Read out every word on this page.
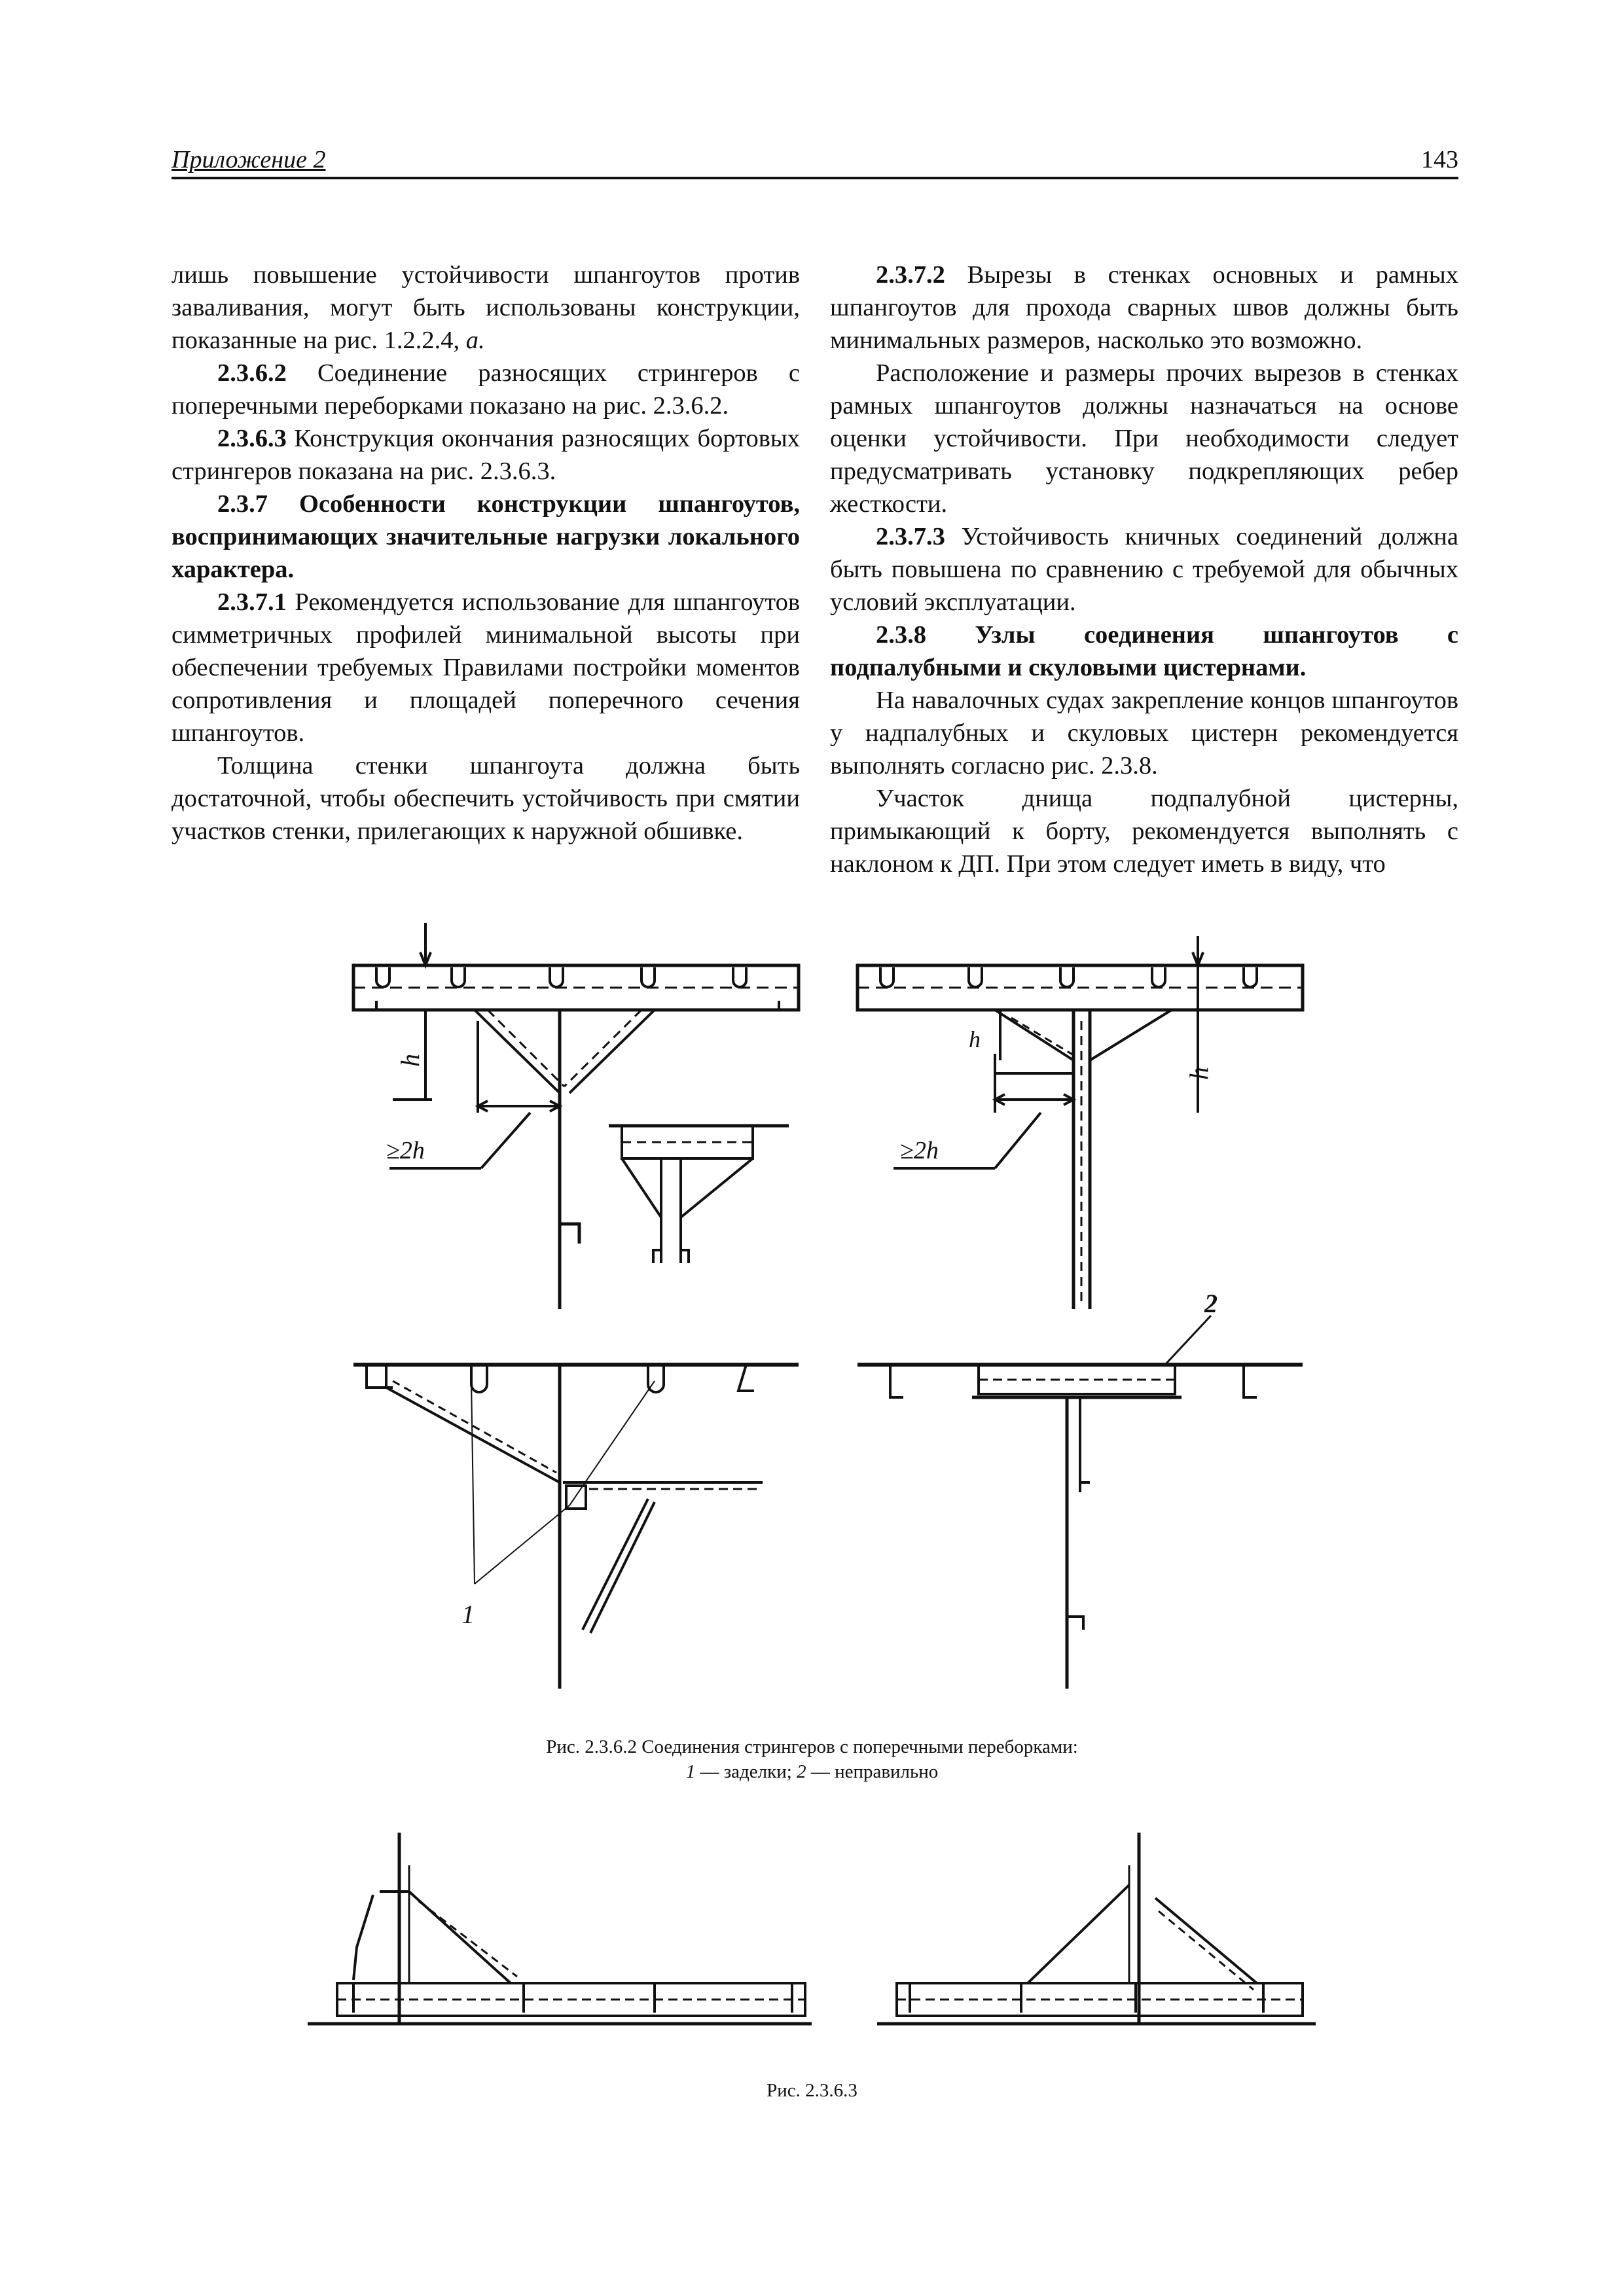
Приложение 2	143

лишь повышение устойчивости шпангоутов против заваливания, могут быть использованы конструкции, показанные на рис. 1.2.2.4, а.

2.3.6.2 Соединение разносящих стрингеров с поперечными переборками показано на рис. 2.3.6.2.

2.3.6.3 Конструкция окончания разносящих бортовых стрингеров показана на рис. 2.3.6.3.

2.3.7 Особенности конструкции шпангоутов, воспринимающих значительные нагрузки локального характера.

2.3.7.1 Рекомендуется использование для шпангоутов симметричных профилей минимальной высоты при обеспечении требуемых Правилами постройки моментов сопротивления и площадей поперечного сечения шпангоутов.

Толщина стенки шпангоута должна быть достаточной, чтобы обеспечить устойчивость при смятии участков стенки, прилегающих к наружной обшивке.

2.3.7.2 Вырезы в стенках основных и рамных шпангоутов для прохода сварных швов должны быть минимальных размеров, насколько это возможно.

Расположение и размеры прочих вырезов в стенках рамных шпангоутов должны назначаться на основе оценки устойчивости. При необходимости следует предусматривать установку подкрепляющих ребер жесткости.

2.3.7.3 Устойчивость кничных соединений должна быть повышена по сравнению с требуемой для обычных условий эксплуатации.

2.3.8 Узлы соединения шпангоутов с подпалубными и скуловыми цистернами.

На навалочных судах закрепление концов шпангоутов у надпалубных и скуловых цистерн рекомендуется выполнять согласно рис. 2.3.8.

Участок днища подпалубной цистерны, примыкающий к борту, рекомендуется выполнять с наклоном к ДП. При этом следует иметь в виду, что

h
≥2h
h
h
≥2h
1
2
Рис. 2.3.6.2 Соединения стрингеров с поперечными переборками:
1 — заделки; 2 — неправильно
Рис. 2.3.6.3
